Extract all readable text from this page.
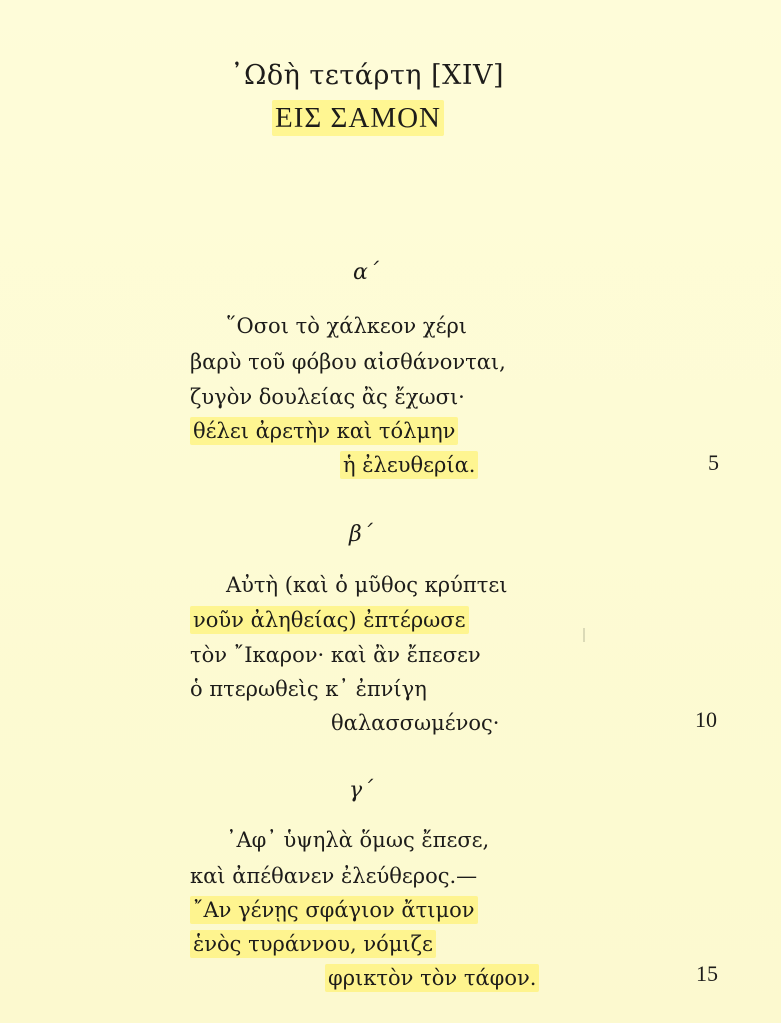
᾿Ωδὴ τετάρτη [XIV]
ΕΙΣ ΣΑΜΟΝ
α΄
῞Οσοι τὸ χάλκεον χέρι
βαρὺ τοῦ φόβου αἰσθάνονται,
ζυγὸν δουλείας ἂς ἔχωσι·
θέλει ἀρετὴν καὶ τόλμην
ἡ ἐλευθερία.	5
β΄
Αὐτὴ (καὶ ὁ μῦθος κρύπτει
νοῦν ἀληθείας) ἐπτέρωσε
τὸν ῎Ικαρον· καὶ ἂν ἔπεσεν
ὁ πτερωθεὶς κ᾿ ἐπνίγη
θαλασσωμένος·	10
γ΄
᾿Αφ᾿ ὑψηλὰ ὅμως ἔπεσε,
καὶ ἀπέθανεν ἐλεύθερος.—
῎Αν γένῃς σφάγιον ἄτιμον
ἑνὸς τυράννου, νόμιζε
φρικτὸν τὸν τάφον.	15
